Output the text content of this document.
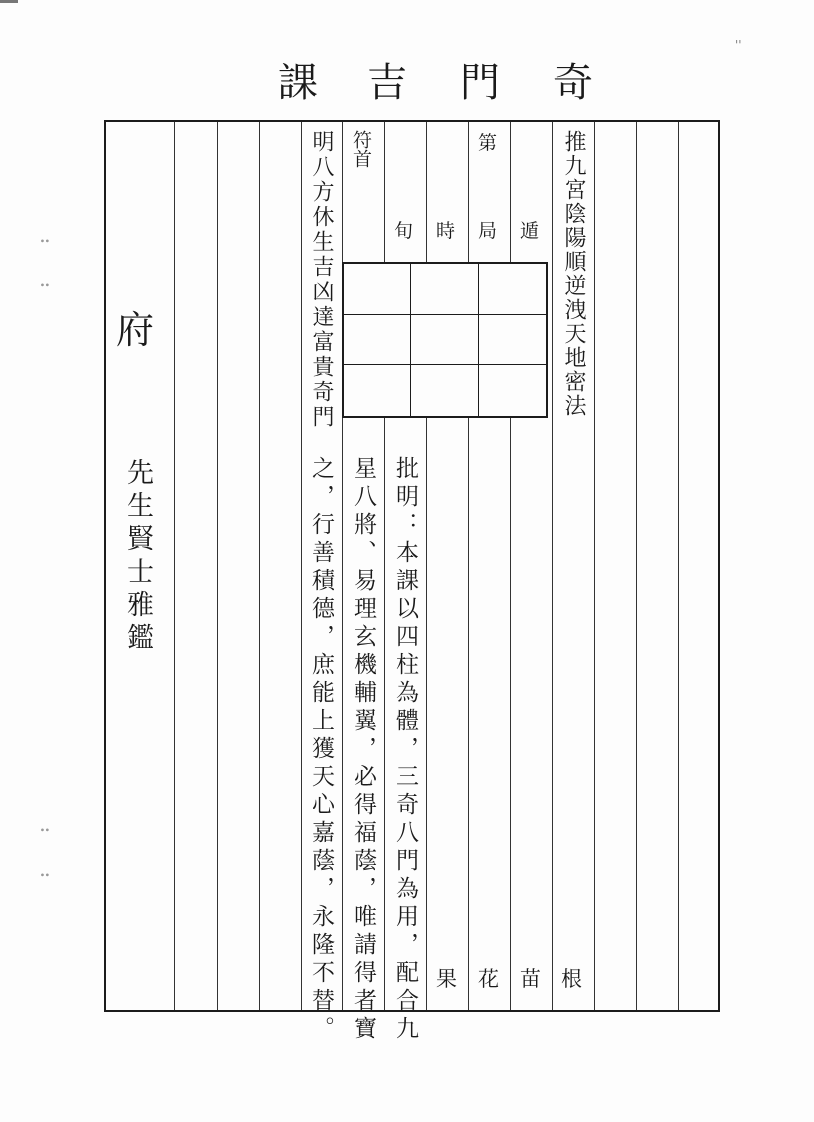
課 吉 門 奇
''
府
先生賢士雅鑑
推九宮陰陽順逆洩天地密法
遁
局
第
時
旬
符首
明八方休生吉凶達富貴奇門
批明：本課以四柱為體，三奇八門為用，配合九
星八將、易理玄機輔翼，必得福蔭，唯請得者寶
之，行善積德，庶能上獲天心嘉蔭，永隆不替。	根
苗
花
果
∙∙
∙∙
∙∙
∙∙
